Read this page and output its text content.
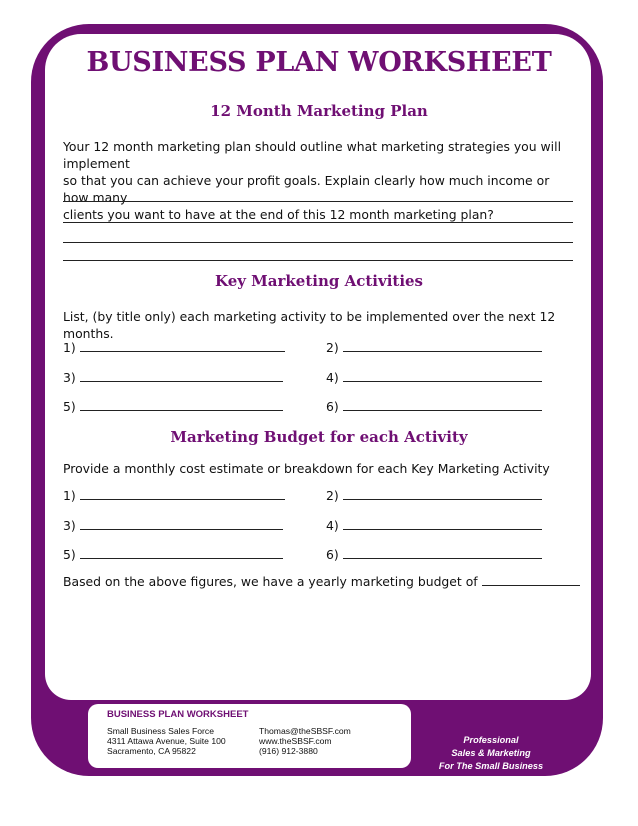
BUSINESS PLAN WORKSHEET
12 Month Marketing Plan
Your 12 month marketing plan should outline what marketing strategies you will implement
so that you can achieve your profit goals. Explain clearly how much income or how many
clients you want to have at the end of this 12 month marketing plan?
Key Marketing Activities
List, (by title only) each marketing activity to be implemented over the next 12 months.
1)	2)
3)	4)
5)	6)
Marketing Budget for each Activity
Provide a monthly cost estimate or breakdown for each Key Marketing Activity
1)	2)
3)	4)
5)	6)
Based on the above figures, we have a yearly marketing budget of
BUSINESS PLAN WORKSHEET
Small Business Sales Force
4311 Attawa Avenue, Suite 100
Sacramento, CA 95822
Thomas@theSBSF.com
www.theSBSF.com
(916) 912-3880
Professional
Sales & Marketing
For The Small Business
